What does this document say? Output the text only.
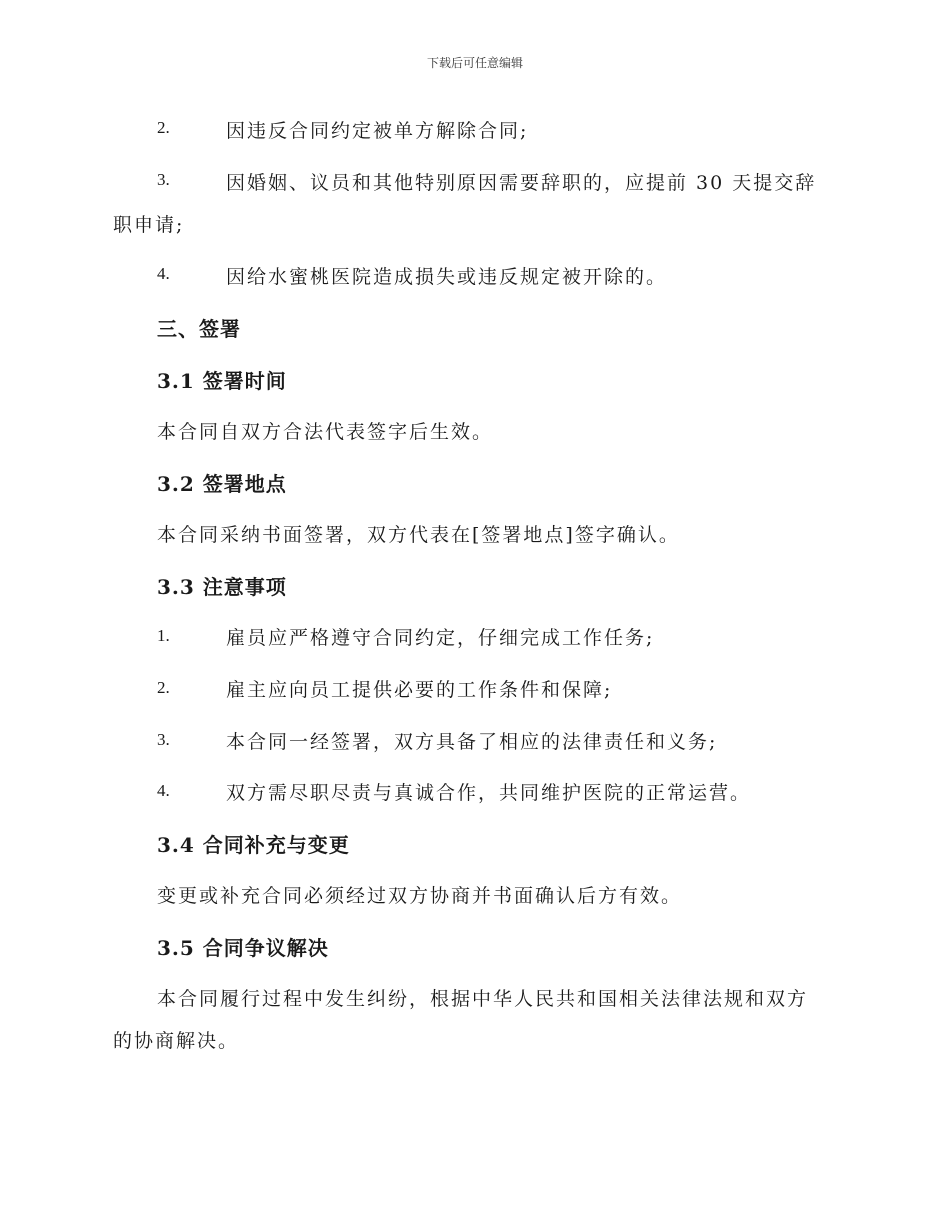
下载后可任意编辑
2.	因违反合同约定被单方解除合同;
3.	因婚姻、议员和其他特别原因需要辞职的，应提前 30 天提交辞
职申请;
4.	因给水蜜桃医院造成损失或违反规定被开除的。
三、签署
3.1 签署时间
本合同自双方合法代表签字后生效。
3.2 签署地点
本合同采纳书面签署，双方代表在[签署地点]签字确认。
3.3 注意事项
1.	雇员应严格遵守合同约定，仔细完成工作任务;
2.	雇主应向员工提供必要的工作条件和保障;
3.	本合同一经签署，双方具备了相应的法律责任和义务;
4.	双方需尽职尽责与真诚合作，共同维护医院的正常运营。
3.4 合同补充与变更
变更或补充合同必须经过双方协商并书面确认后方有效。
3.5 合同争议解决
本合同履行过程中发生纠纷，根据中华人民共和国相关法律法规和双方
的协商解决。
